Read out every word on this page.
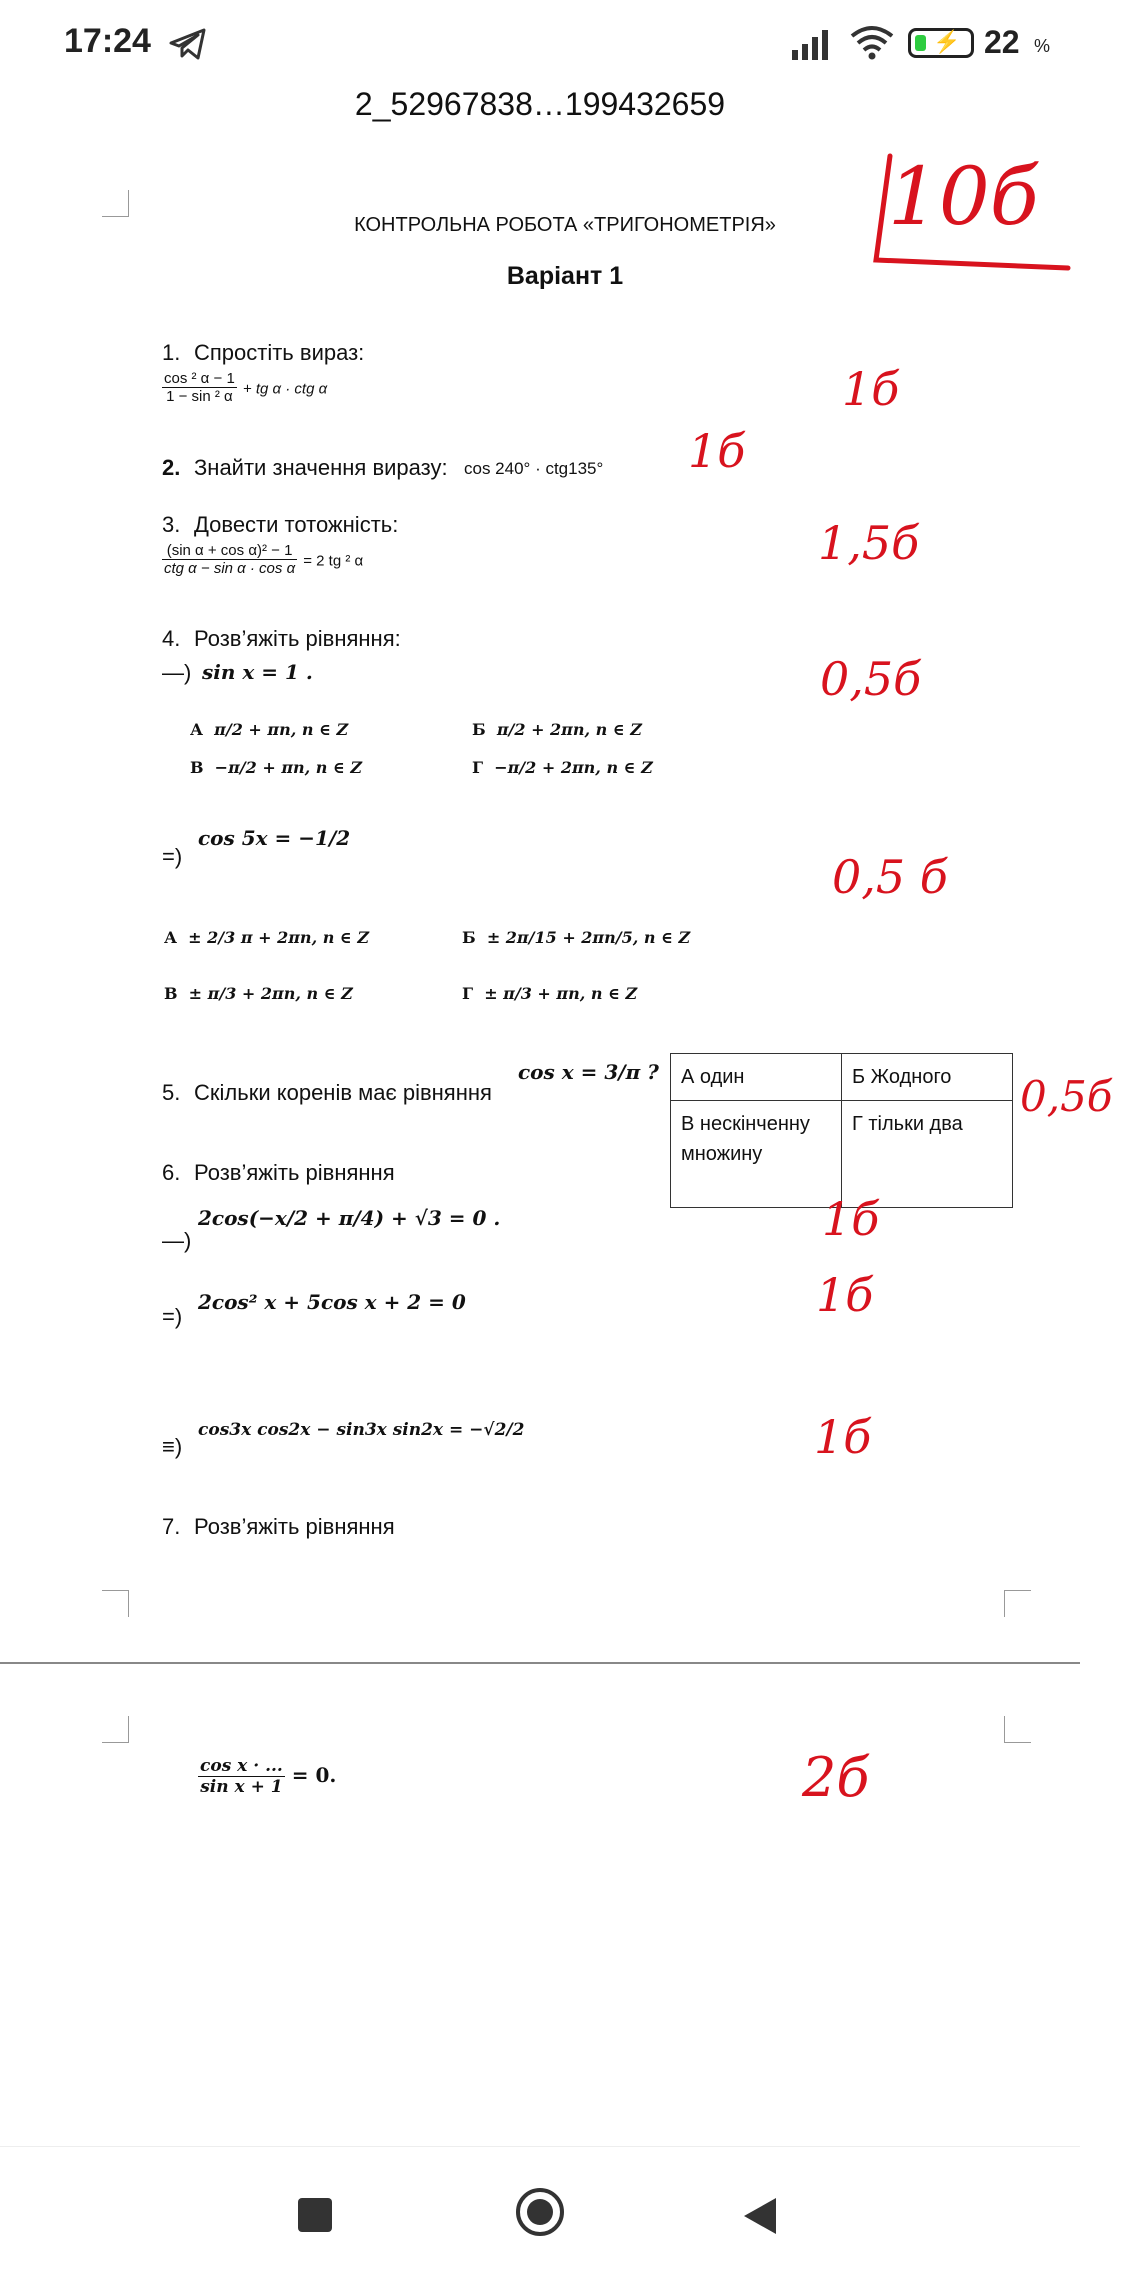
17:24	⚡ 22 %
2_52967838…199432659
КОНТРОЛЬНА РОБОТА «ТРИГОНОМЕТРІЯ»
Варіант 1
1. Спростіть вираз:
$\frac{\text{cos ² α − 1}}{\text{1 − sin ² α}}$ + tg α · ctg α
2. Знайти значення виразу: cos 240° · ctg135°
3. Довести тотожність:
$\frac{\text{(sin α + cos α)² − 1}}{\text{ctg α − sin α · cos α}} = 2$ tg ² α
4. Розв’яжіть рівняння:
—) sin x = 1 .
А π/2 + πn, n ∈ Z	Б π/2 + 2πn, n ∈ Z
В −π/2 + πn, n ∈ Z	Г −π/2 + 2πn, n ∈ Z
=)
cos 5x = −1/2
А ± 2/3 π + 2πn, n ∈ Z	Б ± 2π/15 + 2πn/5, n ∈ Z
В ± π/3 + 2πn, n ∈ Z	Г ± π/3 + πn, n ∈ Z
5. Скільки коренів має рівняння
cos x = 3/π ? А один	Б Жодного
В нескінченну множину	Г тільки два
6. Розв’яжіть рівняння
—)
2cos(−x/2 + π/4) + √3 = 0 .
=)
2cos² x + 5cos x + 2 = 0
≡)
cos3x cos2x − sin3x sin2x = −√2/2
7. Розв’яжіть рівняння
$\frac{\text{cos x · ...}}{\text{sin x + 1}} = 0$.
10б
1б
1б
1,5б
0,5б
0,5 б
0,5б
1б
1б
1б
2б
